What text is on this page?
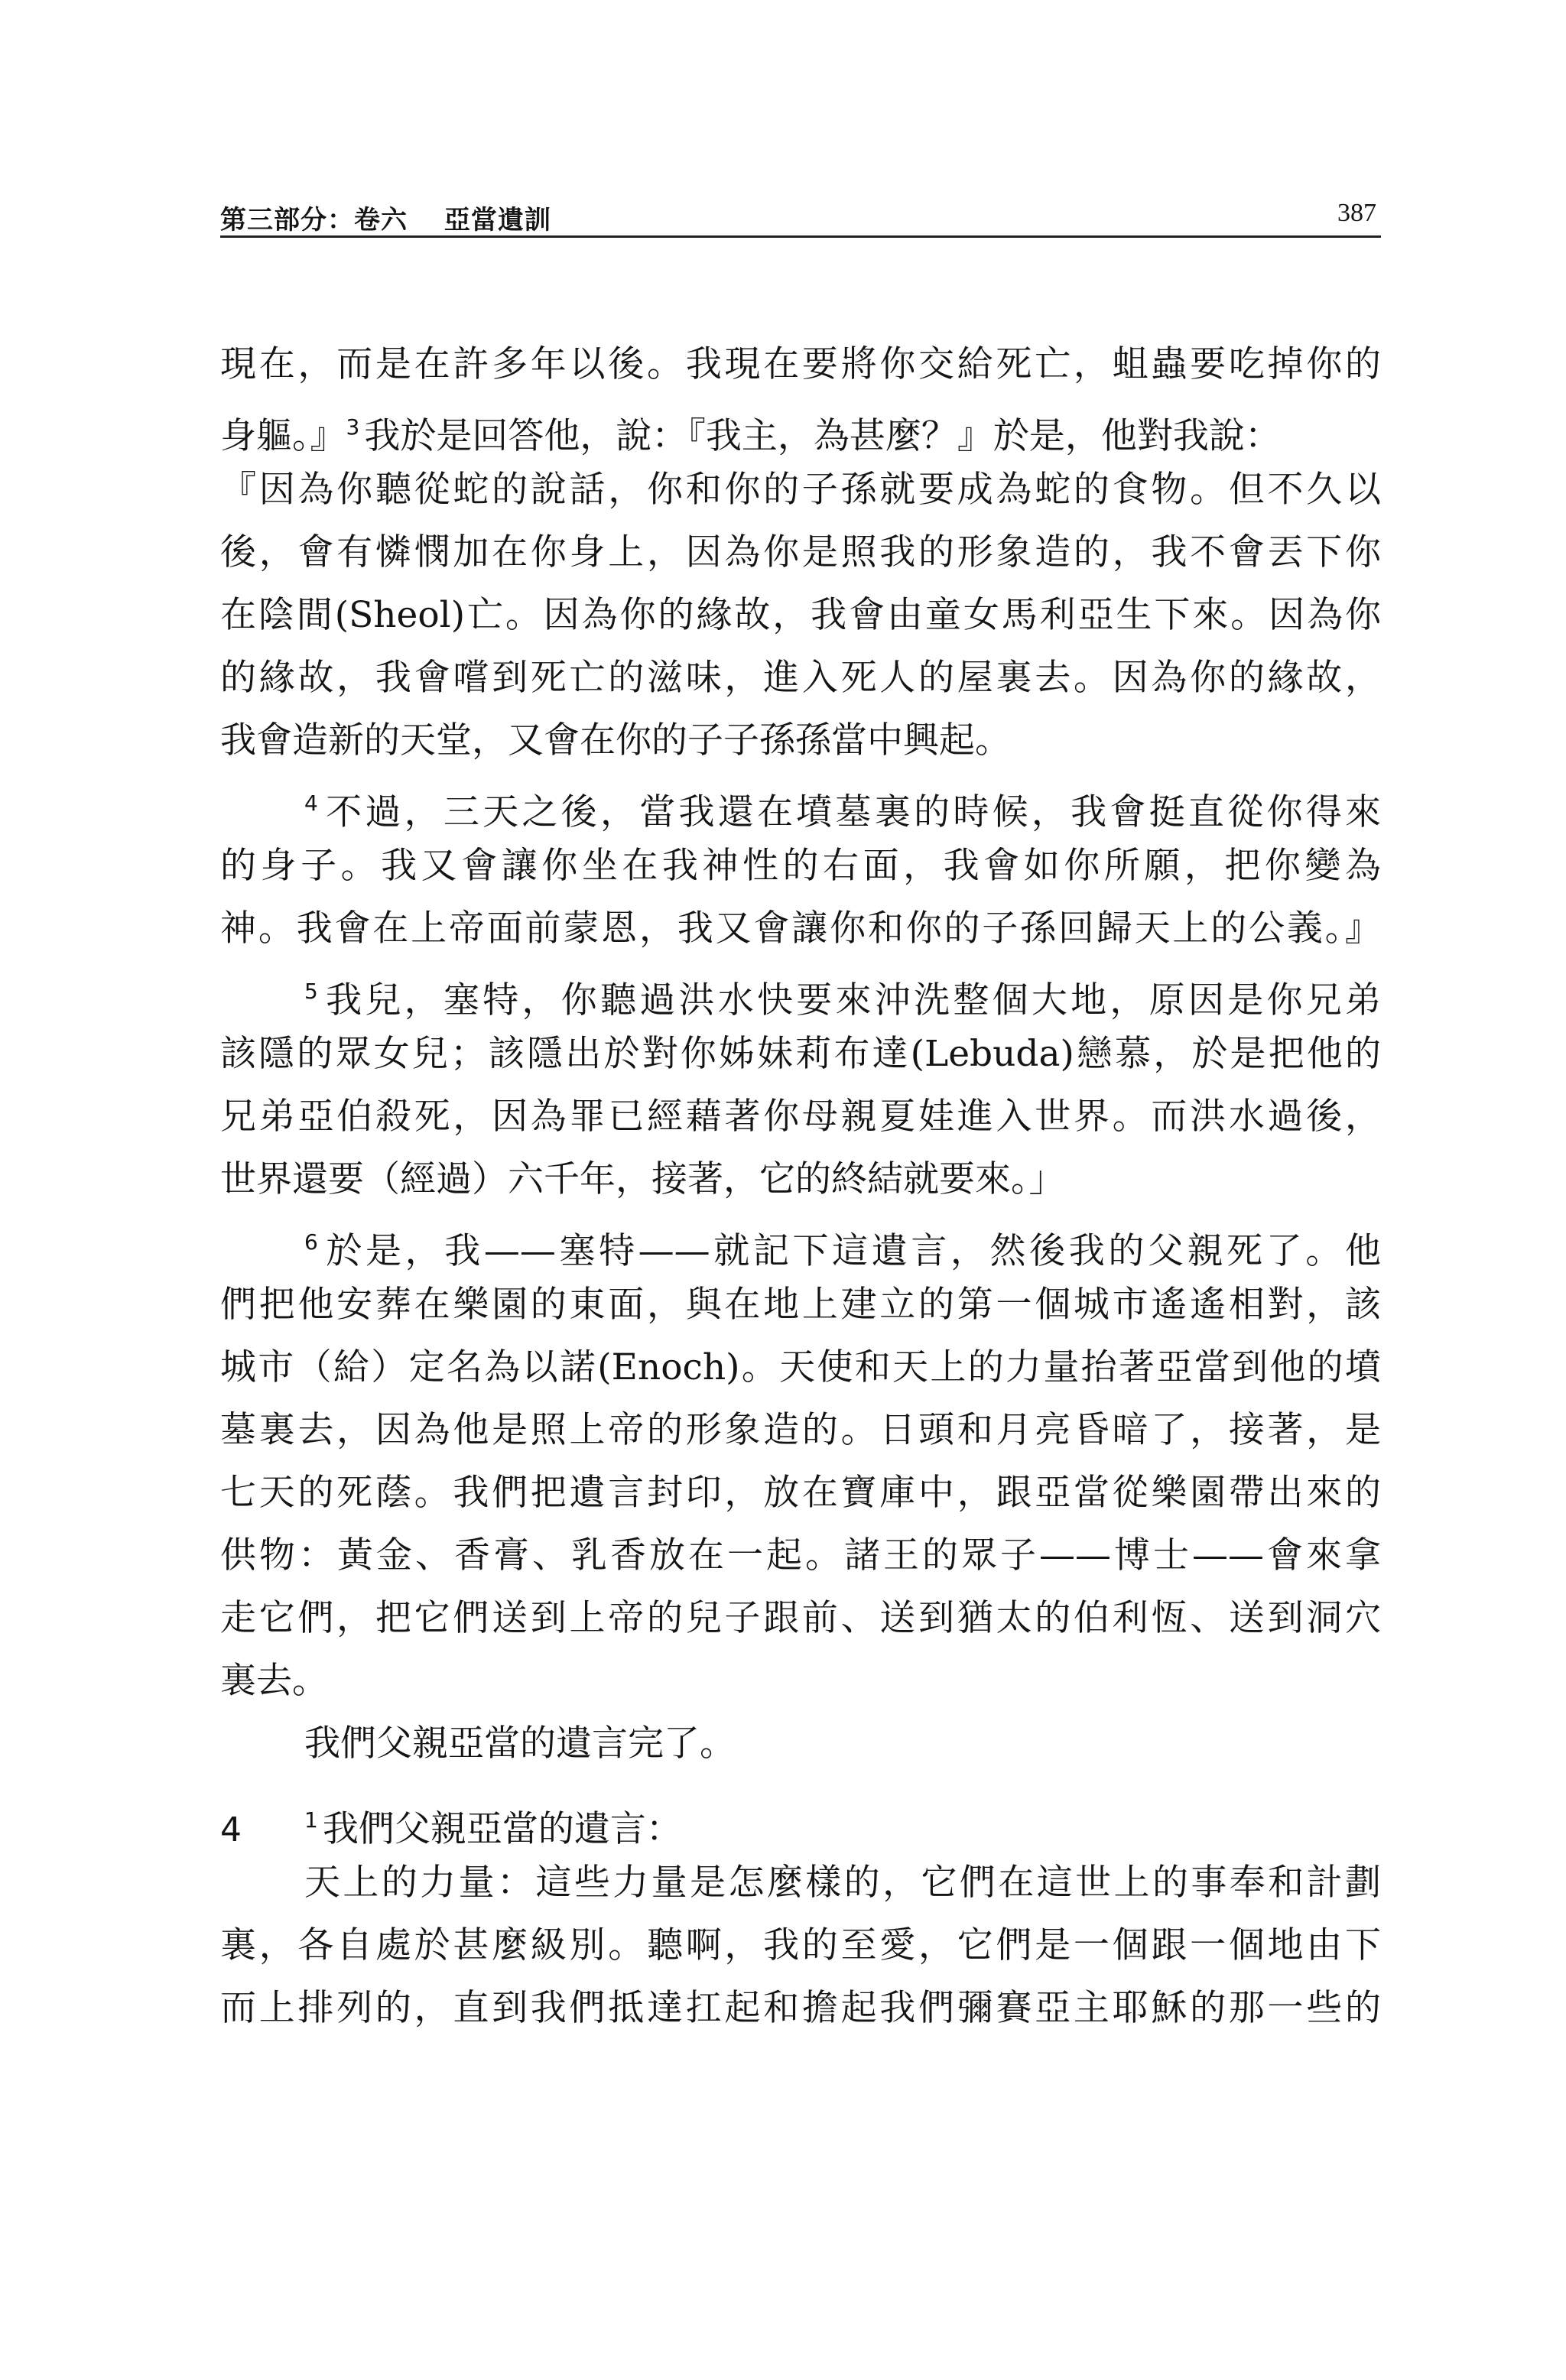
第三部分：卷六　 亞當遺訓	387
現在，而是在許多年以後。我現在要將你交給死亡，蛆蟲要吃掉你的
身軀。』$^3$ 我於是回答他，說：『我主，為甚麼？』於是，他對我說：
『因為你聽從蛇的說話，你和你的子孫就要成為蛇的食物。但不久以
後，會有憐憫加在你身上，因為你是照我的形象造的，我不會丟下你
在陰間(Sheol)亡。因為你的緣故，我會由童女馬利亞生下來。因為你
的緣故，我會嚐到死亡的滋味，進入死人的屋裏去。因為你的緣故，
我會造新的天堂，又會在你的子子孫孫當中興起。
$^4$ 不過，三天之後，當我還在墳墓裏的時候，我會挺直從你得來
的身子。我又會讓你坐在我神性的右面，我會如你所願，把你變為
神。我會在上帝面前蒙恩，我又會讓你和你的子孫回歸天上的公義。』
$^5$ 我兒，塞特，你聽過洪水快要來沖洗整個大地，原因是你兄弟
該隱的眾女兒；該隱出於對你姊妹莉布達(Lebuda)戀慕，於是把他的
兄弟亞伯殺死，因為罪已經藉著你母親夏娃進入世界。而洪水過後，
世界還要（經過）六千年，接著，它的終結就要來。」
$^6$ 於是，我——塞特——就記下這遺言，然後我的父親死了。他
們把他安葬在樂園的東面，與在地上建立的第一個城市遙遙相對，該
城市（給）定名為以諾(Enoch)。天使和天上的力量抬著亞當到他的墳
墓裏去，因為他是照上帝的形象造的。日頭和月亮昏暗了，接著，是
七天的死蔭。我們把遺言封印，放在寶庫中，跟亞當從樂園帶出來的
供物：黃金、香膏、乳香放在一起。諸王的眾子——博士——會來拿
走它們，把它們送到上帝的兒子跟前、送到猶太的伯利恆、送到洞穴
裏去。
我們父親亞當的遺言完了。
4	$^1$ 我們父親亞當的遺言：
天上的力量：這些力量是怎麼樣的，它們在這世上的事奉和計劃
裏，各自處於甚麼級別。聽啊，我的至愛，它們是一個跟一個地由下
而上排列的，直到我們抵達扛起和擔起我們彌賽亞主耶穌的那一些的
